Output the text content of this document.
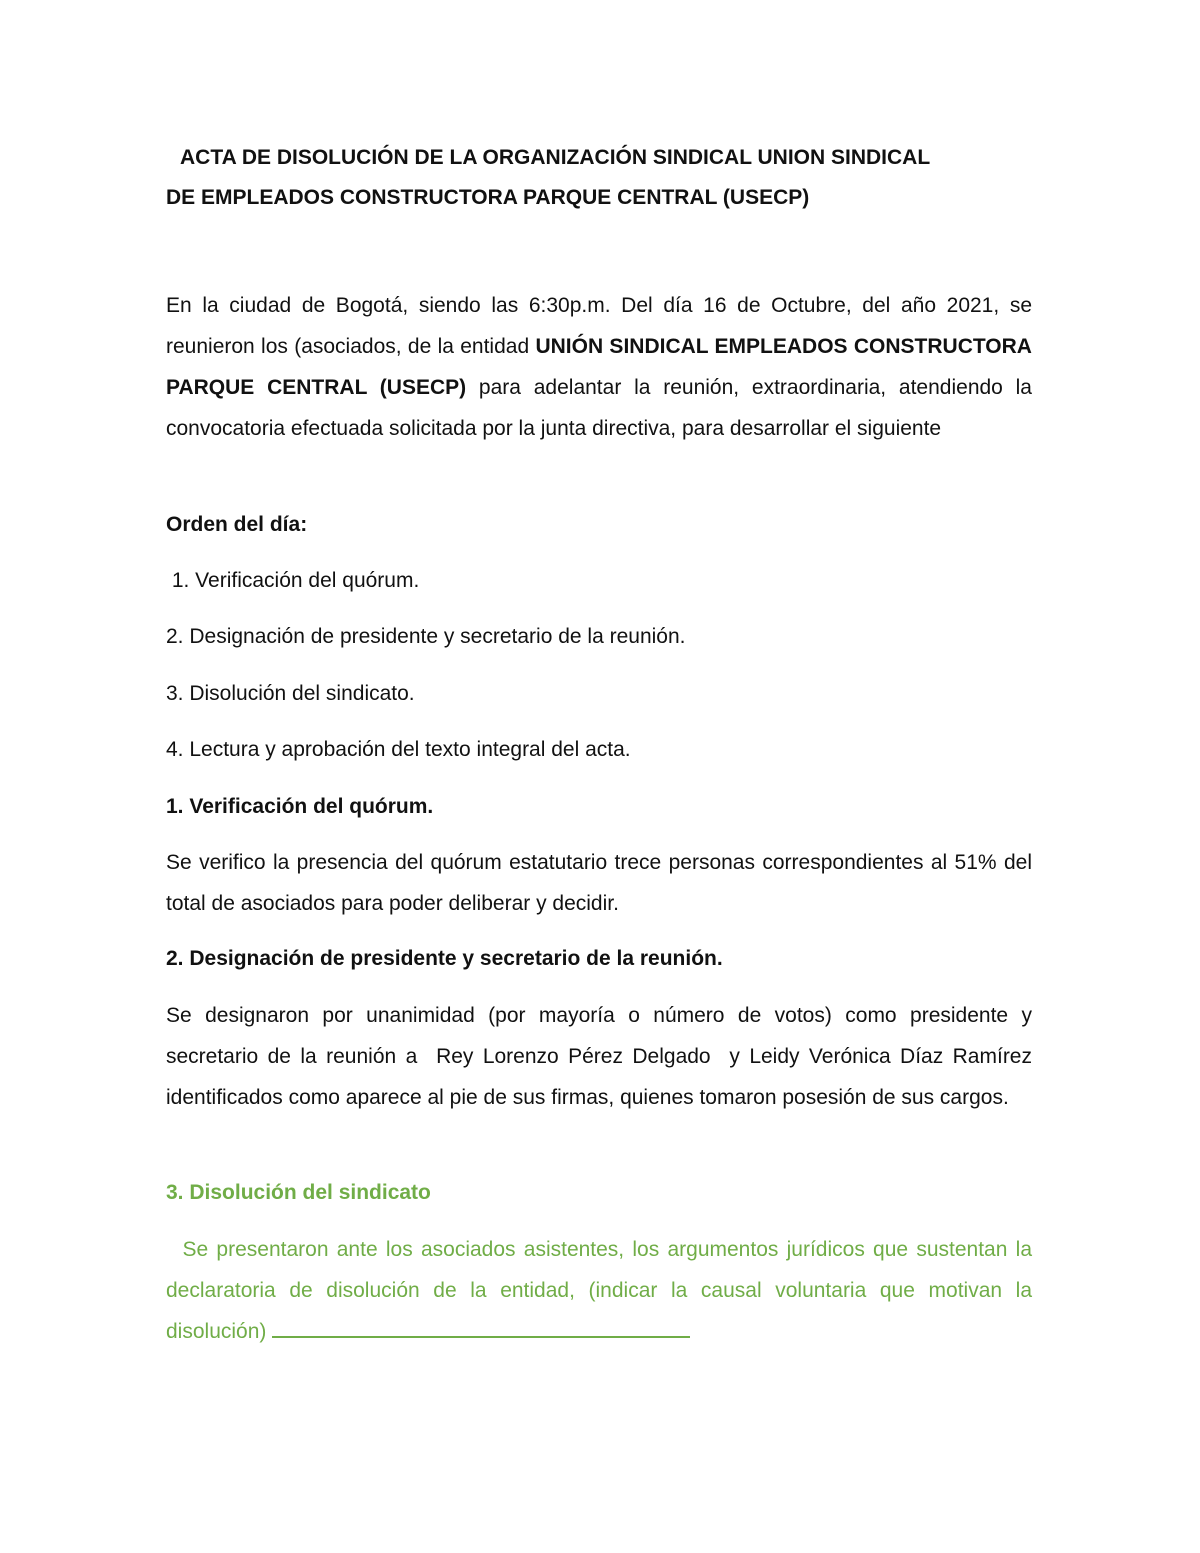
ACTA DE DISOLUCIÓN DE LA ORGANIZACIÓN SINDICAL UNION SINDICAL
DE EMPLEADOS CONSTRUCTORA PARQUE CENTRAL (USECP)

En la ciudad de Bogotá, siendo las 6:30p.m. Del día 16 de Octubre, del año 2021, se reunieron los (asociados, de la entidad UNIÓN SINDICAL EMPLEADOS CONSTRUCTORA PARQUE CENTRAL (USECP) para adelantar la reunión, extraordinaria, atendiendo la convocatoria efectuada solicitada por la junta directiva, para desarrollar el siguiente

Orden del día:
1. Verificación del quórum.
2. Designación de presidente y secretario de la reunión.
3. Disolución del sindicato.
4. Lectura y aprobación del texto integral del acta.
1. Verificación del quórum.

Se verifico la presencia del quórum estatutario trece personas correspondientes al 51% del total de asociados para poder deliberar y decidir.

2. Designación de presidente y secretario de la reunión.

Se designaron por unanimidad (por mayoría o número de votos) como presidente y secretario de la reunión a  Rey Lorenzo Pérez Delgado  y Leidy Verónica Díaz Ramírez  identificados como aparece al pie de sus firmas, quienes tomaron posesión de sus cargos.

3. Disolución del sindicato

Se presentaron ante los asociados asistentes, los argumentos jurídicos que sustentan la declaratoria de disolución de la entidad, (indicar la causal voluntaria que motivan la disolución)
